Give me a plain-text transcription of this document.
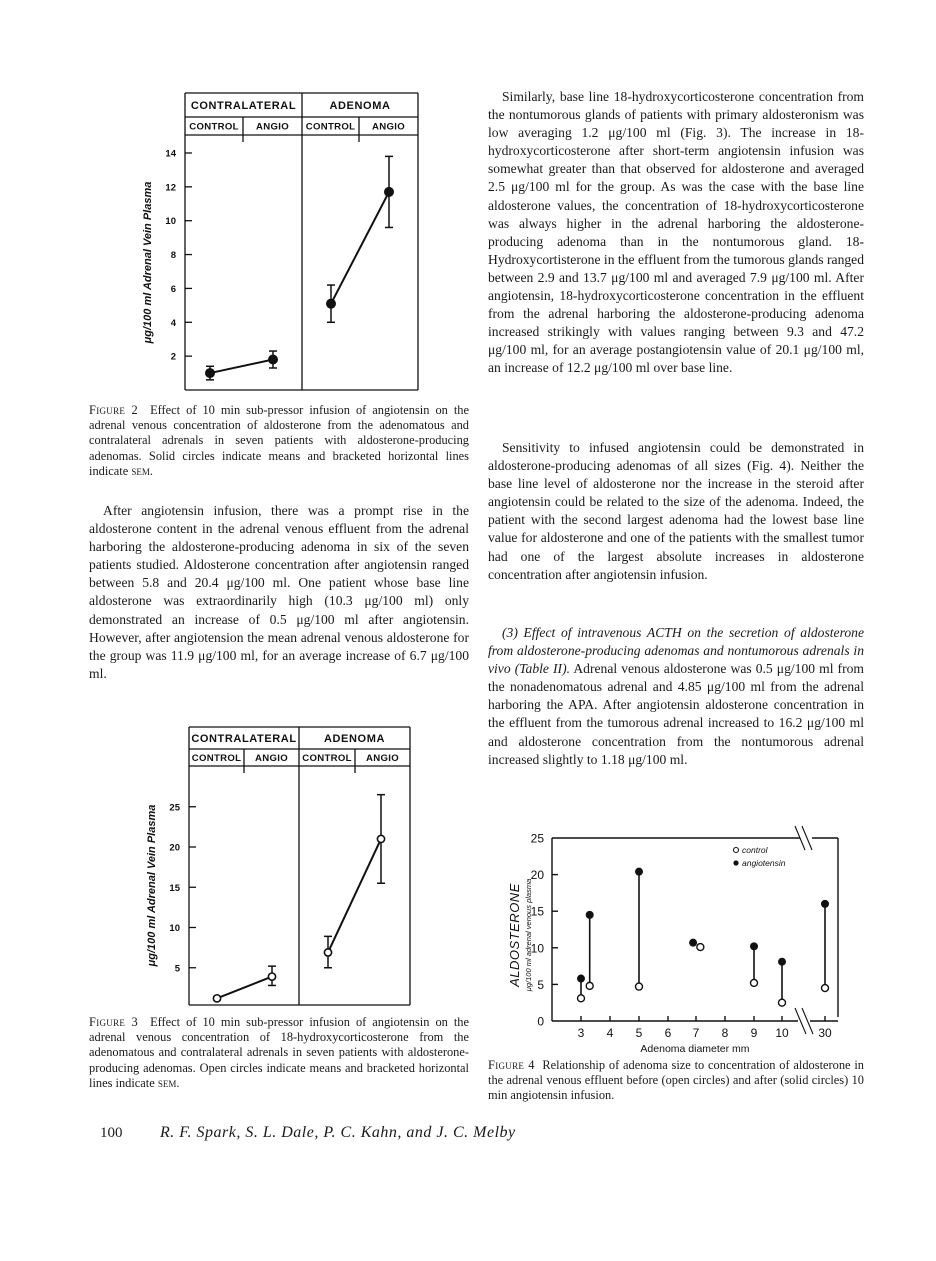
CONTRALATERAL	ADENOMA
CONTROL ANGIO CONTROL ANGIO
2
4
6
8
10
12
14
μg/100 ml Adrenal Vein Plasma
CONTRALATERAL ADENOMA
CONTROL ANGIO CONTROL ANGIO
5
10
15
20
25
μg/100 ml Adrenal Vein Plasma
0
5
10
15
20
25
3 4 5 6 7 8 9 10 30
Adenoma diameter mm
ALDOSTERONE μg/100 ml adrenal venous plasma
control
angiotensin
Figure 2 Effect of 10 min sub-pressor infusion of angiotensin on the adrenal venous concentration of aldosterone from the adenomatous and contralateral adrenals in seven patients with aldosterone-producing adenomas. Solid circles indicate means and bracketed horizontal lines indicate sem.
After angiotensin infusion, there was a prompt rise in the aldosterone content in the adrenal venous effluent from the adrenal harboring the aldosterone-producing adenoma in six of the seven patients studied. Aldosterone concentration after angiotensin ranged between 5.8 and 20.4 μg/100 ml. One patient whose base line aldosterone was extraordinarily high (10.3 μg/100 ml) only demonstrated an increase of 0.5 μg/100 ml after angiotensin. However, after angiotension the mean adrenal venous aldosterone for the group was 11.9 μg/100 ml, for an average increase of 6.7 μg/100 ml.
Figure 3 Effect of 10 min sub-pressor infusion of angiotensin on the adrenal venous concentration of 18-hydroxycorticosterone from the adenomatous and contralateral adrenals in seven patients with aldosterone-producing adenomas. Open circles indicate means and bracketed horizontal lines indicate sem.
Similarly, base line 18-hydroxycorticosterone concentration from the nontumorous glands of patients with primary aldosteronism was low averaging 1.2 μg/100 ml (Fig. 3). The increase in 18-hydroxycorticosterone after short-term angiotensin infusion was somewhat greater than that observed for aldosterone and averaged 2.5 μg/100 ml for the group. As was the case with the base line aldosterone values, the concentration of 18-hydroxycorticosterone was always higher in the adrenal harboring the aldosterone-producing adenoma than in the nontumorous gland. 18-Hydroxycortisterone in the effluent from the tumorous glands ranged between 2.9 and 13.7 μg/100 ml and averaged 7.9 μg/100 ml. After angiotensin, 18-hydroxycorticosterone concentration in the effluent from the adrenal harboring the aldosterone-producing adenoma increased strikingly with values ranging between 9.3 and 47.2 μg/100 ml, for an average postangiotensin value of 20.1 μg/100 ml, an increase of 12.2 μg/100 ml over base line.
Sensitivity to infused angiotensin could be demonstrated in aldosterone-producing adenomas of all sizes (Fig. 4). Neither the base line level of aldosterone nor the increase in the steroid after angiotensin could be related to the size of the adenoma. Indeed, the patient with the second largest adenoma had the lowest base line value for aldosterone and one of the patients with the smallest tumor had one of the largest absolute increases in aldosterone concentration after angiotensin infusion.
(3) Effect of intravenous ACTH on the secretion of aldosterone from aldosterone-producing adenomas and nontumorous adrenals in vivo (Table II). Adrenal venous aldosterone was 0.5 μg/100 ml from the nonadenomatous adrenal and 4.85 μg/100 ml from the adrenal harboring the APA. After angiotensin aldosterone concentration in the effluent from the tumorous adrenal increased to 16.2 μg/100 ml and aldosterone concentration from the nontumorous adrenal increased slightly to 1.18 μg/100 ml.
Figure 4 Relationship of adenoma size to concentration of aldosterone in the adrenal venous effluent before (open circles) and after (solid circles) 10 min angiotensin infusion.
100 R. F. Spark, S. L. Dale, P. C. Kahn, and J. C. Melby
